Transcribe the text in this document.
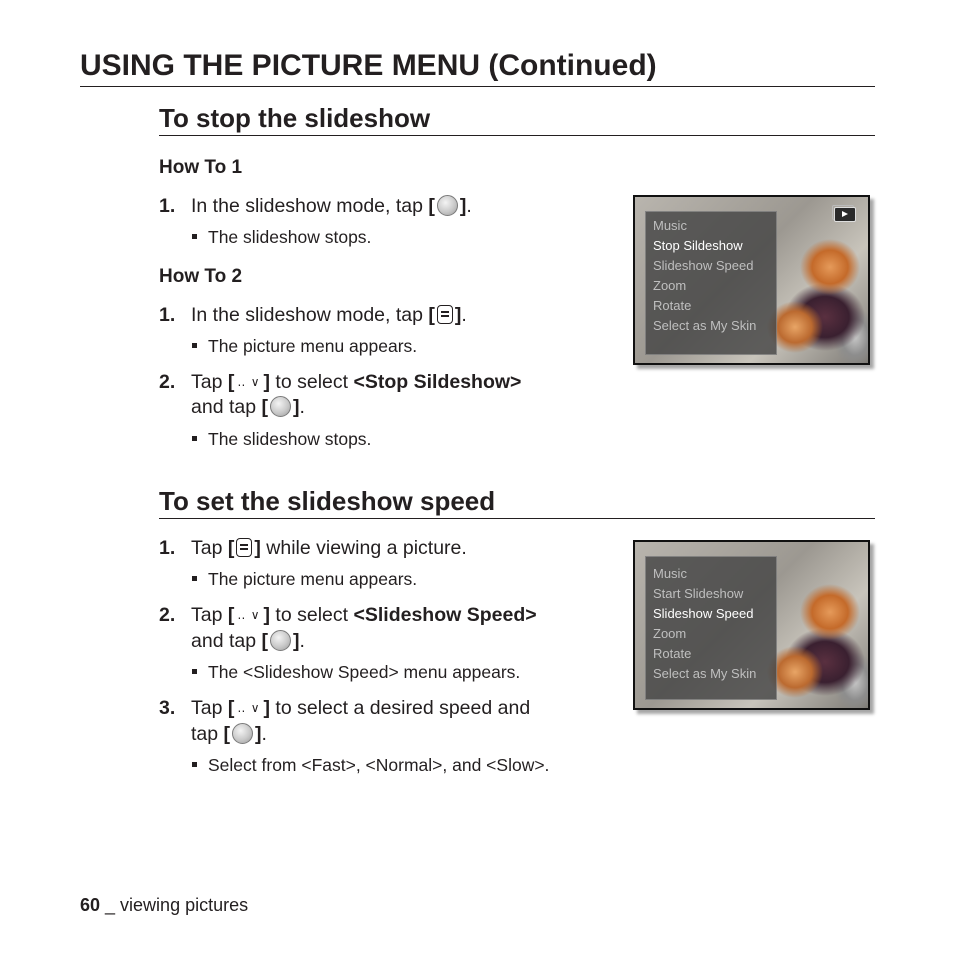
USING THE PICTURE MENU (Continued)
To stop the slideshow
How To 1
1. In the slideshow mode, tap [ ].
The slideshow stops.
How To 2
1. In the slideshow mode, tap [ ].
The picture menu appears.
2. Tap [ ‥ ∨ ] to select <Stop Sildeshow>
and tap [ ].
The slideshow stops.
Music
Stop Sildeshow
Slideshow Speed
Zoom
Rotate
Select as My Skin
To set the slideshow speed
1. Tap [ ] while viewing a picture.
The picture menu appears.
2. Tap [ ‥ ∨ ] to select <Slideshow Speed>
and tap [ ].
The <Slideshow Speed> menu appears.
3. Tap [ ‥ ∨ ] to select a desired speed and
tap [ ].
Select from <Fast>, <Normal>, and <Slow>.
Music
Start Slideshow
Slideshow Speed
Zoom
Rotate
Select as My Skin
60 _ viewing pictures
